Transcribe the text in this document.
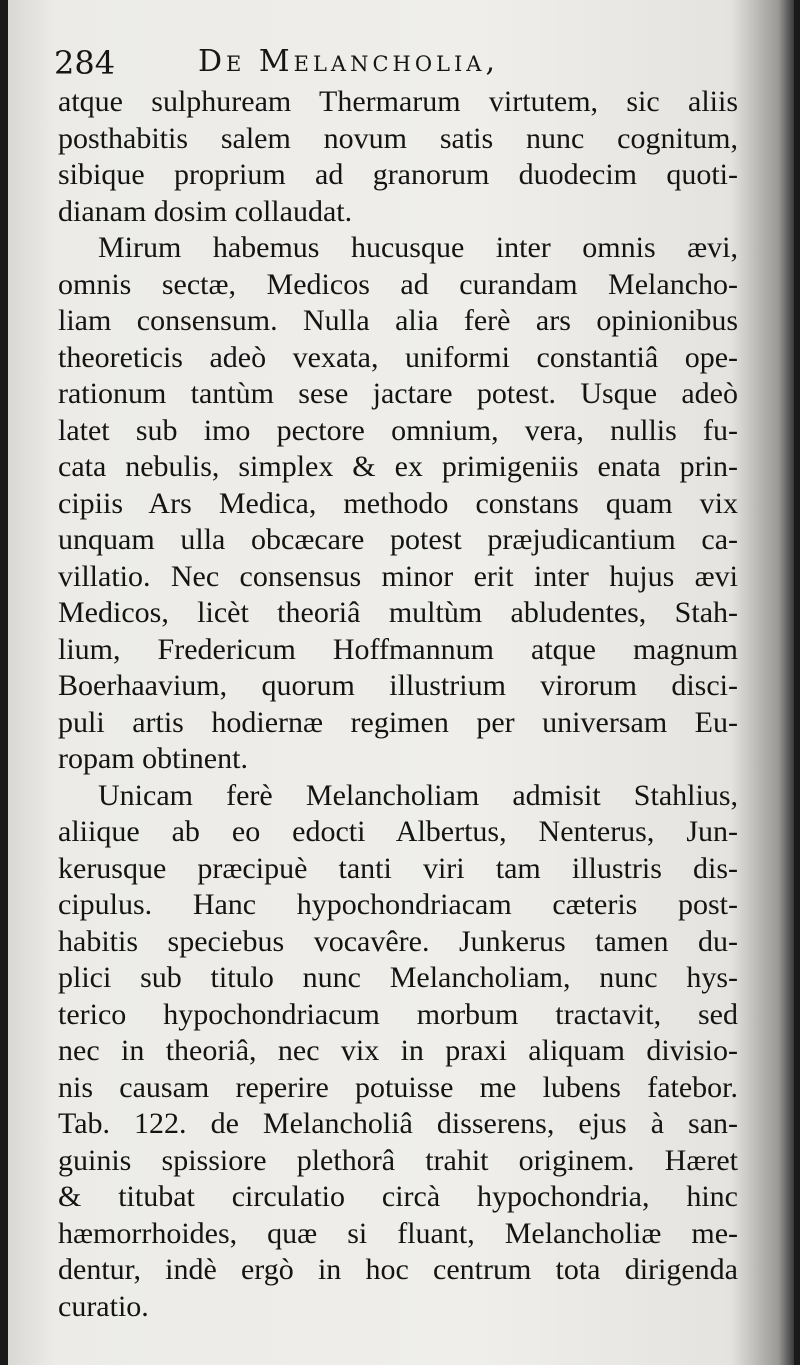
284	De Melancholia,
atque sulphuream Thermarum virtutem, sic aliis
posthabitis salem novum satis nunc cognitum,
sibique proprium ad granorum duodecim quoti-
dianam dosim collaudat.
Mirum habemus hucusque inter omnis ævi,
omnis sectæ, Medicos ad curandam Melancho-
liam consensum. Nulla alia ferè ars opinionibus
theoreticis adeò vexata, uniformi constantiâ ope-
rationum tantùm sese jactare potest. Usque adeò
latet sub imo pectore omnium, vera, nullis fu-
cata nebulis, simplex & ex primigeniis enata prin-
cipiis Ars Medica, methodo constans quam vix
unquam ulla obcæcare potest præjudicantium ca-
villatio. Nec consensus minor erit inter hujus ævi
Medicos, licèt theoriâ multùm abludentes, Stah-
lium, Fredericum Hoffmannum atque magnum
Boerhaavium, quorum illustrium virorum disci-
puli artis hodiernæ regimen per universam Eu-
ropam obtinent.
Unicam ferè Melancholiam admisit Stahlius,
aliique ab eo edocti Albertus, Nenterus, Jun-
kerusque præcipuè tanti viri tam illustris dis-
cipulus. Hanc hypochondriacam cæteris post-
habitis speciebus vocavêre. Junkerus tamen du-
plici sub titulo nunc Melancholiam, nunc hys-
terico hypochondriacum morbum tractavit, sed
nec in theoriâ, nec vix in praxi aliquam divisio-
nis causam reperire potuisse me lubens fatebor.
Tab. 122. de Melancholiâ disserens, ejus à san-
guinis spissiore plethorâ trahit originem. Hæret
& titubat circulatio circà hypochondria, hinc
hæmorrhoides, quæ si fluant, Melancholiæ me-
dentur, indè ergò in hoc centrum tota dirigenda
curatio.
